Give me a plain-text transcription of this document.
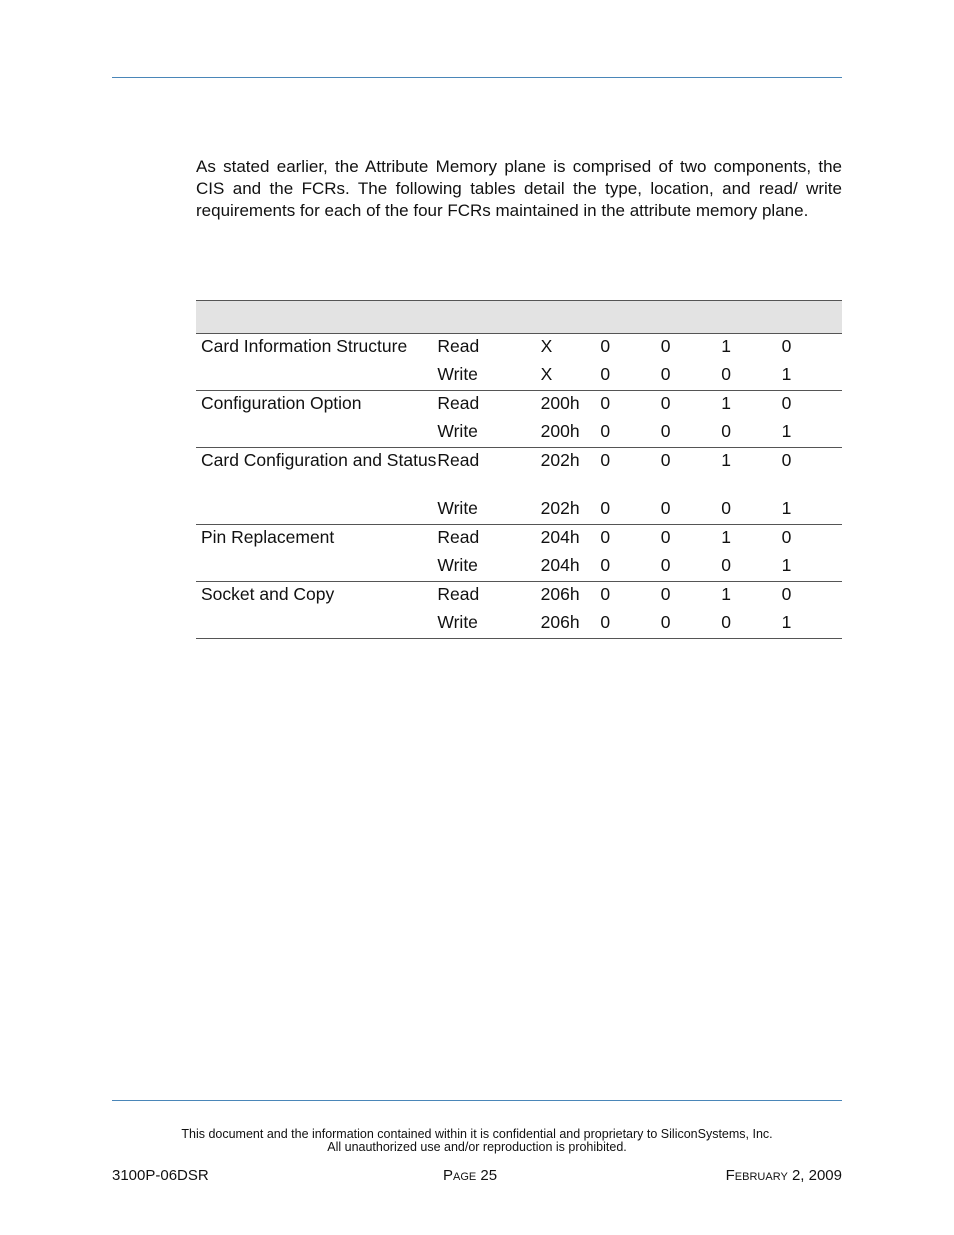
As stated earlier, the Attribute Memory plane is comprised of two components, the CIS and the FCRs. The following tables detail the type, location, and read/ write requirements for each of the four FCRs maintained in the attribute memory plane.

Card Information Structure	Read	X	0	0	1	0
	Write	X	0	0	0	1
Configuration Option	Read	200h	0	0	1	0
	Write	200h	0	0	0	1
Card Configuration and Status	Read	202h	0	0	1	0
	Write	202h	0	0	0	1
Pin Replacement	Read	204h	0	0	1	0
	Write	204h	0	0	0	1
Socket and Copy	Read	206h	0	0	1	0
	Write	206h	0	0	0	1
This document and the information contained within it is confidential and proprietary to SiliconSystems, Inc.
All unauthorized use and/or reproduction is prohibited.
3100P-06DSR	PAGE 25	FEBRUARY 2, 2009
